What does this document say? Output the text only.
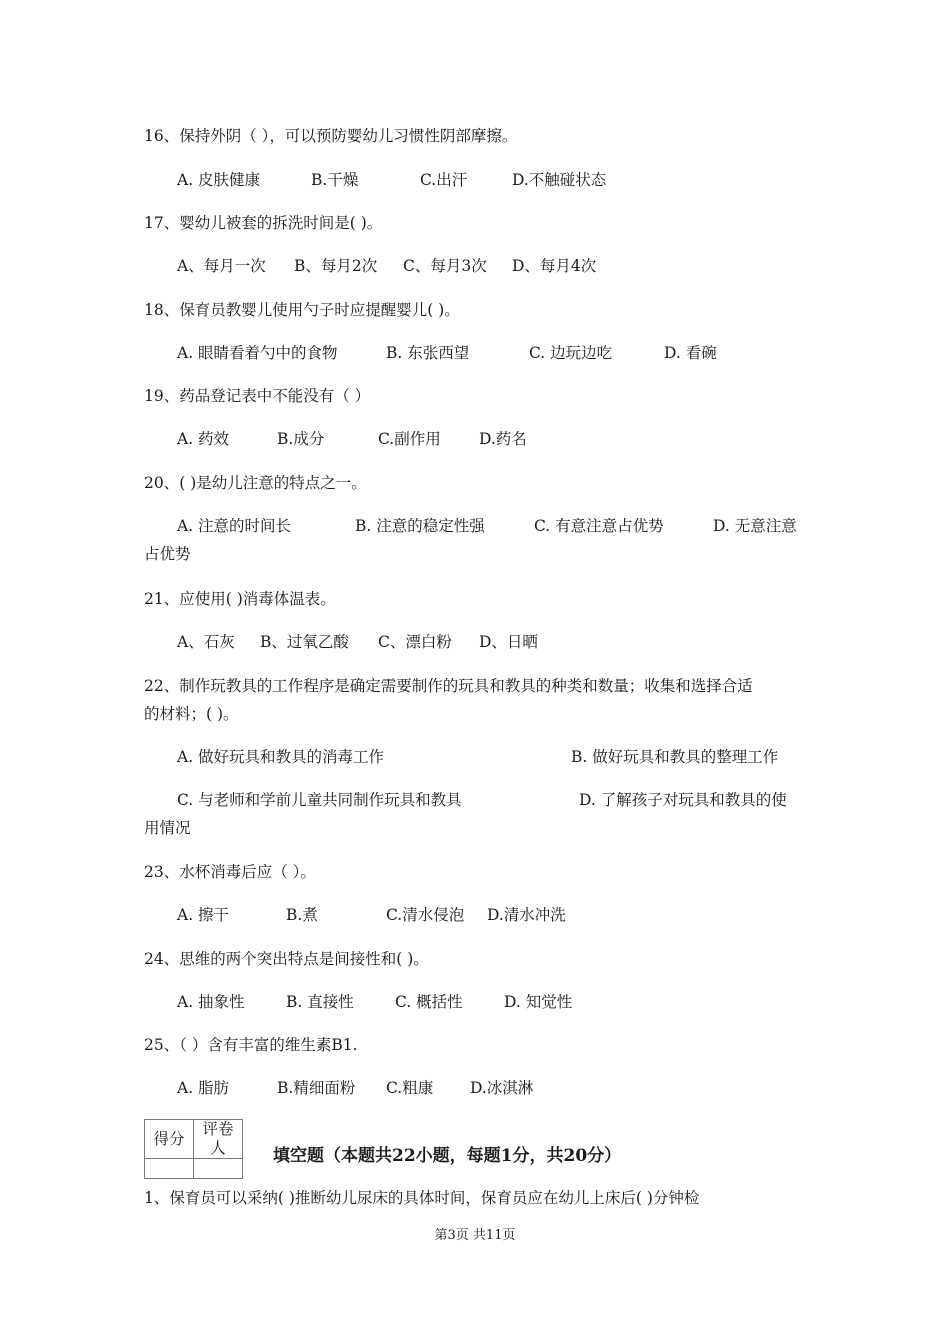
16、保持外阴（ ），可以预防婴幼儿习惯性阴部摩擦。
A. 皮肤健康	B.干燥	C.出汗	D.不触碰状态
17、婴幼儿被套的拆洗时间是( )。
A、每月一次 B、每月2次 C、每月3次 D、每月4次
18、保育员教婴儿使用勺子时应提醒婴儿( )。
A. 眼睛看着勺中的食物	B. 东张西望	C. 边玩边吃	D. 看碗
19、药品登记表中不能没有（ ）
A. 药效	B.成分	C.副作用 D.药名
20、( )是幼儿注意的特点之一。
A. 注意的时间长	B. 注意的稳定性强	C. 有意注意占优势	D. 无意注意
占优势
21、应使用( )消毒体温表。
A、石灰 B、过氧乙酸 C、漂白粉 D、日晒
22、制作玩教具的工作程序是确定需要制作的玩具和教具的种类和数量；收集和选择合适
的材料；( )。
A. 做好玩具和教具的消毒工作	B. 做好玩具和教具的整理工作
C. 与老师和学前儿童共同制作玩具和教具	D. 了解孩子对玩具和教具的使
用情况
23、水杯消毒后应（ ）。
A. 擦干	B.煮	C.清水侵泡 D.清水冲洗
24、思维的两个突出特点是间接性和( )。
A. 抽象性	B. 直接性	C. 概括性	D. 知觉性
25、（ ）含有丰富的维生素B1.
A. 脂肪	B.精细面粉 C.粗康 D.冰淇淋
得分	评卷人
		填空题（本题共22小题，每题1分，共20分）
1、保育员可以采纳( )推断幼儿尿床的具体时间，保育员应在幼儿上床后( )分钟检
第3页 共11页
